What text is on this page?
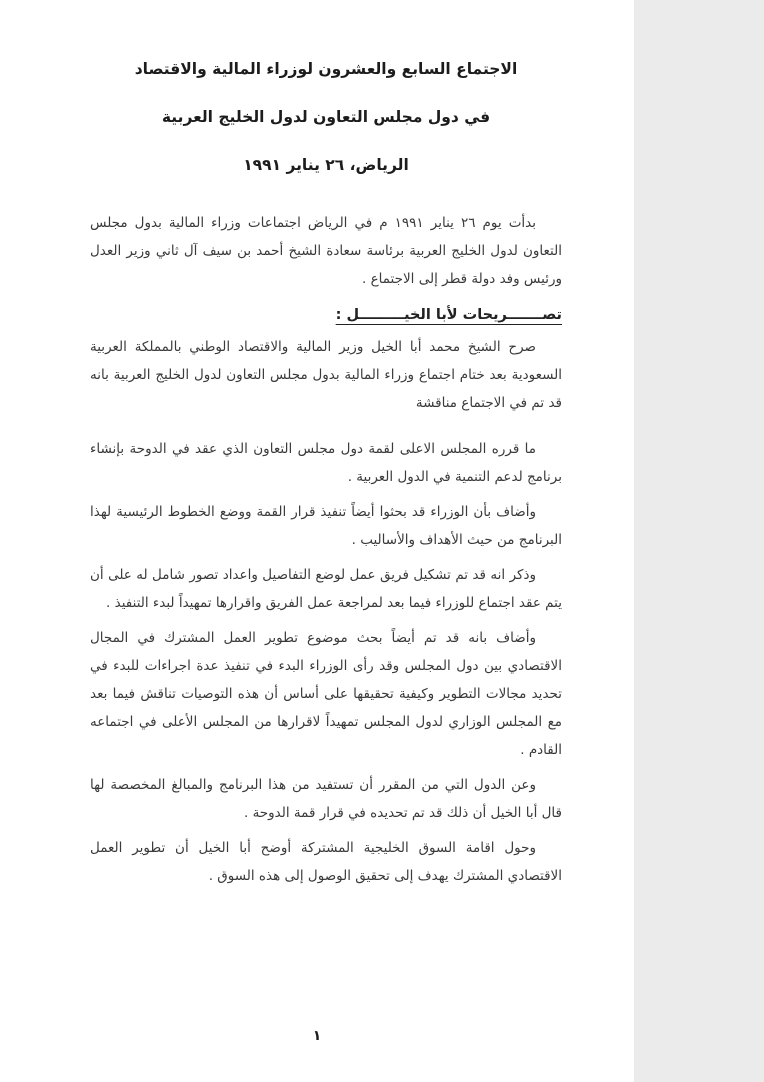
الاجتماع السابع والعشرون لوزراء المالية والاقتصاد
في دول مجلس التعاون لدول الخليج العربية
الرياض، ٢٦ يناير ١٩٩١

بدأت يوم ٢٦ يناير ١٩٩١ م في الرياض اجتماعات وزراء المالية بدول مجلس التعاون لدول الخليج العربية برئاسة سعادة الشيخ أحمد بن سيف آل ثاني وزير العدل ورئيس وفد دولة قطر إلى الاجتماع .

تصـــــــريحات لأبا الخيـــــــــل :

صرح الشيخ محمد أبا الخيل وزير المالية والاقتصاد الوطني بالمملكة العربية السعودية بعد ختام اجتماع وزراء المالية بدول مجلس التعاون لدول الخليج العربية بانه قد تم في الاجتماع مناقشة

ما قرره المجلس الاعلى لقمة دول مجلس التعاون الذي عقد في الدوحة بإنشاء برنامج لدعم التنمية في الدول العربية .

وأضاف بأن الوزراء قد بحثوا أيضاً تنفيذ قرار القمة ووضع الخطوط الرئيسية لهذا البرنامج من حيث الأهداف والأساليب .

وذكر انه قد تم تشكيل فريق عمل لوضع التفاصيل واعداد تصور شامل له على أن يتم عقد اجتماع للوزراء فيما بعد لمراجعة عمل الفريق واقرارها تمهيداً لبدء التنفيذ .

وأضاف بانه قد تم أيضاً بحث موضوع تطوير العمل المشترك في المجال الاقتصادي بين دول المجلس وقد رأى الوزراء البدء في تنفيذ عدة اجراءات للبدء في تحديد مجالات التطوير وكيفية تحقيقها على أساس أن هذه التوصيات تناقش فيما بعد مع المجلس الوزاري لدول المجلس تمهيداً لاقرارها من المجلس الأعلى في اجتماعه القادم .

وعن الدول التي من المقرر أن تستفيد من هذا البرنامج والمبالغ المخصصة لها قال أبا الخيل أن ذلك قد تم تحديده في قرار قمة الدوحة .

وحول اقامة السوق الخليجية المشتركة أوضح أبا الخيل أن تطوير العمل الاقتصادي المشترك يهدف إلى تحقيق الوصول إلى هذه السوق .

١
